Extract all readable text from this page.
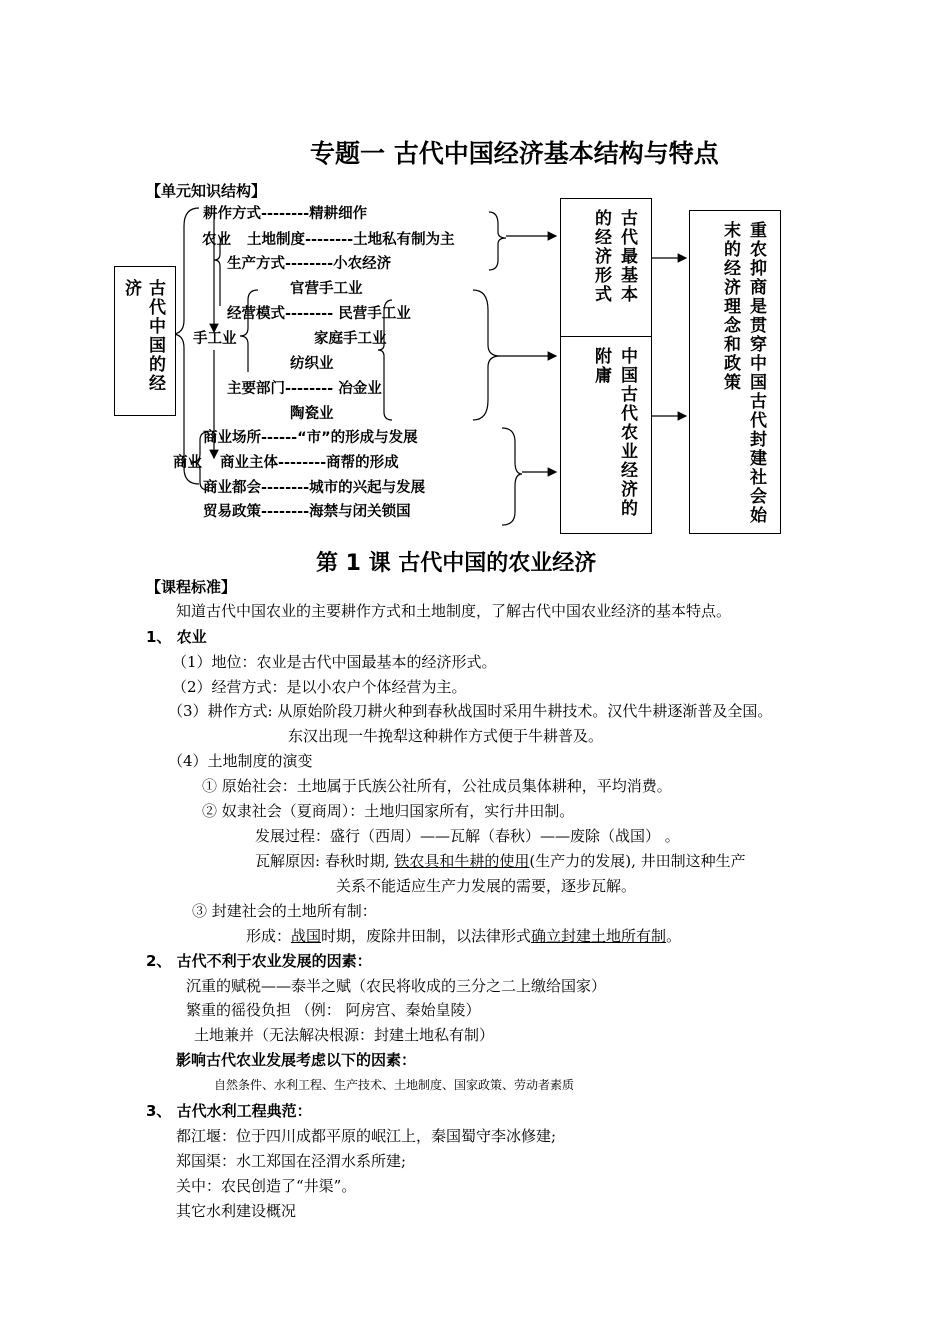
专题一 古代中国经济基本结构与特点
【单元知识结构】
古代中国的经
济	古代最基本
的经济形式
中国古代农业经济的
附庸	重农抑商是贯穿中国古代封建社会始
末的经济理念和政策
耕作方式--------精耕细作
农业 土地制度--------土地私有制为主
生产方式--------小农经济
官营手工业
经营模式-------- 民营手工业
手工业	家庭手工业
纺织业
主要部门-------- 冶金业
陶瓷业
商业场所------“市”的形成与发展
商业 商业主体--------商帮的形成
商业都会--------城市的兴起与发展
贸易政策--------海禁与闭关锁国
第 1 课 古代中国的农业经济
【课程标准】
知道古代中国农业的主要耕作方式和土地制度，了解古代中国农业经济的基本特点。
1、 农业
（1）地位：农业是古代中国最基本的经济形式。
（2）经营方式：是以小农户个体经营为主。
（3）耕作方式: 从原始阶段刀耕火种到春秋战国时采用牛耕技术。汉代牛耕逐渐普及全国。
东汉出现一牛挽犁这种耕作方式便于牛耕普及。
（4）土地制度的演变
① 原始社会：土地属于氏族公社所有，公社成员集体耕种，平均消费。
② 奴隶社会（夏商周）：土地归国家所有，实行井田制。
发展过程：盛行（西周）——瓦解（春秋）——废除（战国） 。
瓦解原因: 春秋时期, 铁农具和牛耕的使用(生产力的发展), 井田制这种生产
关系不能适应生产力发展的需要，逐步瓦解。
③ 封建社会的土地所有制：
形成：战国时期，废除井田制，以法律形式确立封建土地所有制。
2、 古代不利于农业发展的因素：
沉重的赋税——泰半之赋（农民将收成的三分之二上缴给国家）
繁重的徭役负担 （例： 阿房宫、秦始皇陵）
土地兼并（无法解决根源：封建土地私有制）
影响古代农业发展考虑以下的因素：
自然条件、水利工程、生产技术、土地制度、国家政策、劳动者素质
3、 古代水利工程典范：
都江堰：位于四川成都平原的岷江上，秦国蜀守李冰修建;
郑国渠：水工郑国在泾渭水系所建;
关中：农民创造了“井渠”。
其它水利建设概况
